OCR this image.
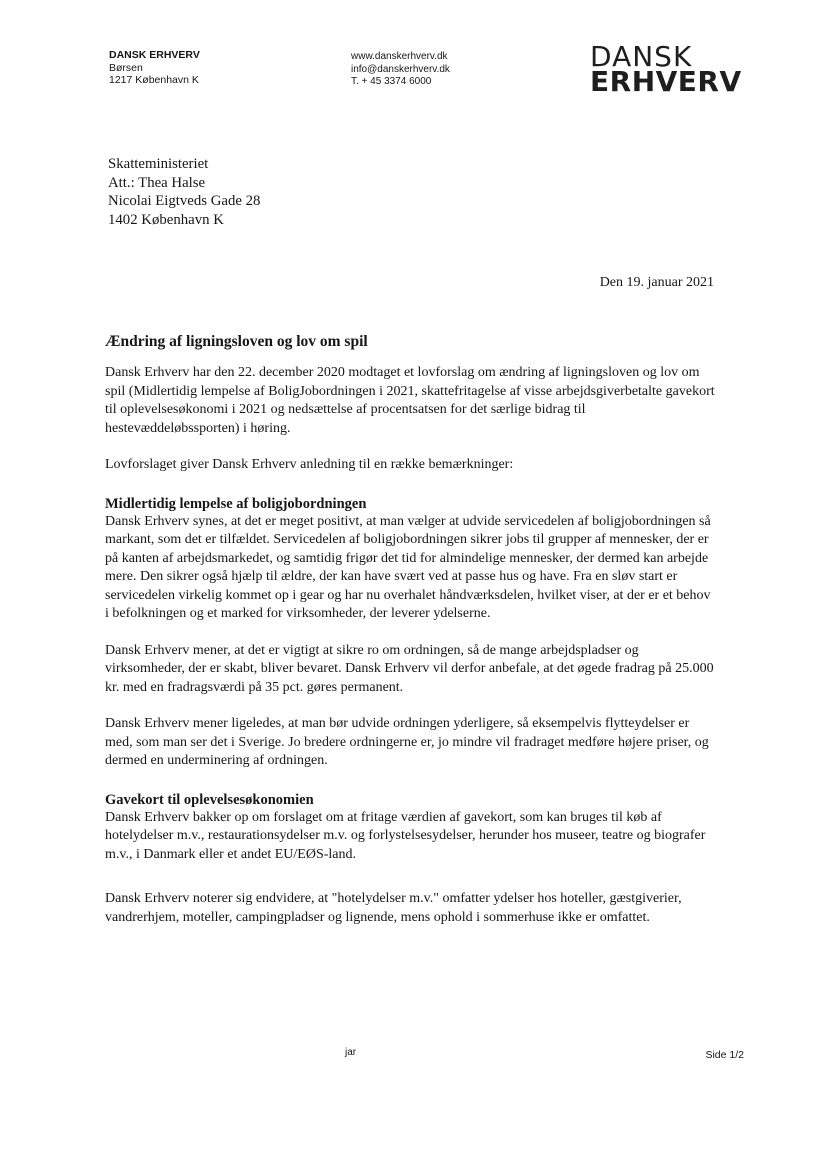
DANSK ERHVERV
Børsen
1217 København K
www.danskerhverv.dk
info@danskerhverv.dk
T. + 45 3374 6000
DANSK
ERHVERV
Skatteministeriet
Att.: Thea Halse
Nicolai Eigtveds Gade 28
1402 København K
Den 19. januar 2021
Ændring af ligningsloven og lov om spil

Dansk Erhverv har den 22. december 2020 modtaget et lovforslag om ændring af ligningsloven og lov om spil (Midlertidig lempelse af BoligJobordningen i 2021, skattefritagelse af visse arbejdsgiverbetalte gavekort til oplevelsesøkonomi i 2021 og nedsættelse af procentsatsen for det særlige bidrag til hestevæddeløbssporten) i høring.

Lovforslaget giver Dansk Erhverv anledning til en række bemærkninger:

Midlertidig lempelse af boligjobordningen

Dansk Erhverv synes, at det er meget positivt, at man vælger at udvide servicedelen af boligjobordningen så markant, som det er tilfældet. Servicedelen af boligjobordningen sikrer jobs til grupper af mennesker, der er på kanten af arbejdsmarkedet, og samtidig frigør det tid for almindelige mennesker, der dermed kan arbejde mere. Den sikrer også hjælp til ældre, der kan have svært ved at passe hus og have. Fra en sløv start er servicedelen virkelig kommet op i gear og har nu overhalet håndværksdelen, hvilket viser, at der er et behov i befolkningen og et marked for virksomheder, der leverer ydelserne.

Dansk Erhverv mener, at det er vigtigt at sikre ro om ordningen, så de mange arbejdspladser og virksomheder, der er skabt, bliver bevaret. Dansk Erhverv vil derfor anbefale, at det øgede fradrag på 25.000 kr. med en fradragsværdi på 35 pct. gøres permanent.

Dansk Erhverv mener ligeledes, at man bør udvide ordningen yderligere, så eksempelvis flytteydelser er med, som man ser det i Sverige. Jo bredere ordningerne er, jo mindre vil fradraget medføre højere priser, og dermed en underminering af ordningen.

Gavekort til oplevelsesøkonomien

Dansk Erhverv bakker op om forslaget om at fritage værdien af gavekort, som kan bruges til køb af hotelydelser m.v., restaurationsydelser m.v. og forlystelsesydelser, herunder hos museer, teatre og biografer m.v., i Danmark eller et andet EU/EØS-land.

Dansk Erhverv noterer sig endvidere, at "hotelydelser m.v." omfatter ydelser hos hoteller, gæstgiverier, vandrerhjem, moteller, campingpladser og lignende, mens ophold i sommerhuse ikke er omfattet.

jar	Side 1/2
